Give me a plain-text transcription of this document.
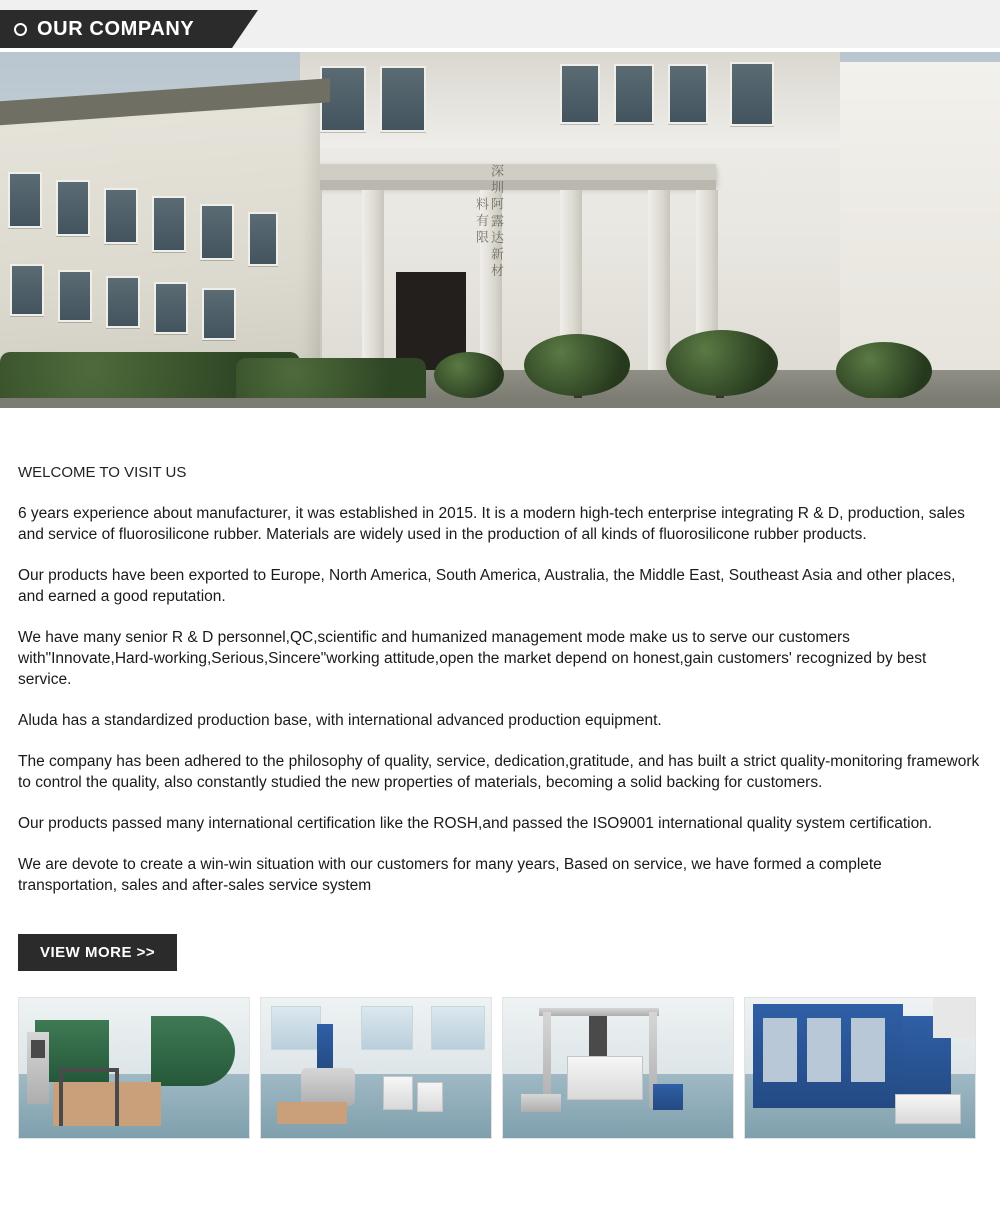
OUR COMPANY
深 圳 阿 露 达 新 材 料 有 限
WELCOME TO VISIT US

6 years experience about manufacturer, it was established in 2015. It is a modern high-tech enterprise integrating R & D, production, sales and service of fluorosilicone rubber. Materials are widely used in the production of all kinds of fluorosilicone rubber products.

Our products have been exported to Europe, North America, South America, Australia, the Middle East, Southeast Asia and other places, and earned a good reputation.

We have many senior R & D personnel,QC,scientific and humanized management mode make us to serve our customers with"Innovate,Hard-working,Serious,Sincere"working attitude,open the market depend on honest,gain customers' recognized by best service.

Aluda has a standardized production base, with international advanced production equipment.

The company has been adhered to the philosophy of quality, service, dedication,gratitude, and has built a strict quality-monitoring framework to control the quality, also constantly studied the new properties of materials, becoming a solid backing for customers.

Our products passed many international certification like the ROSH,and passed the ISO9001 international quality system certification.

We are devote to create a win-win situation with our customers for many years, Based on service, we have formed a complete transportation, sales and after-sales service system

VIEW MORE >>
